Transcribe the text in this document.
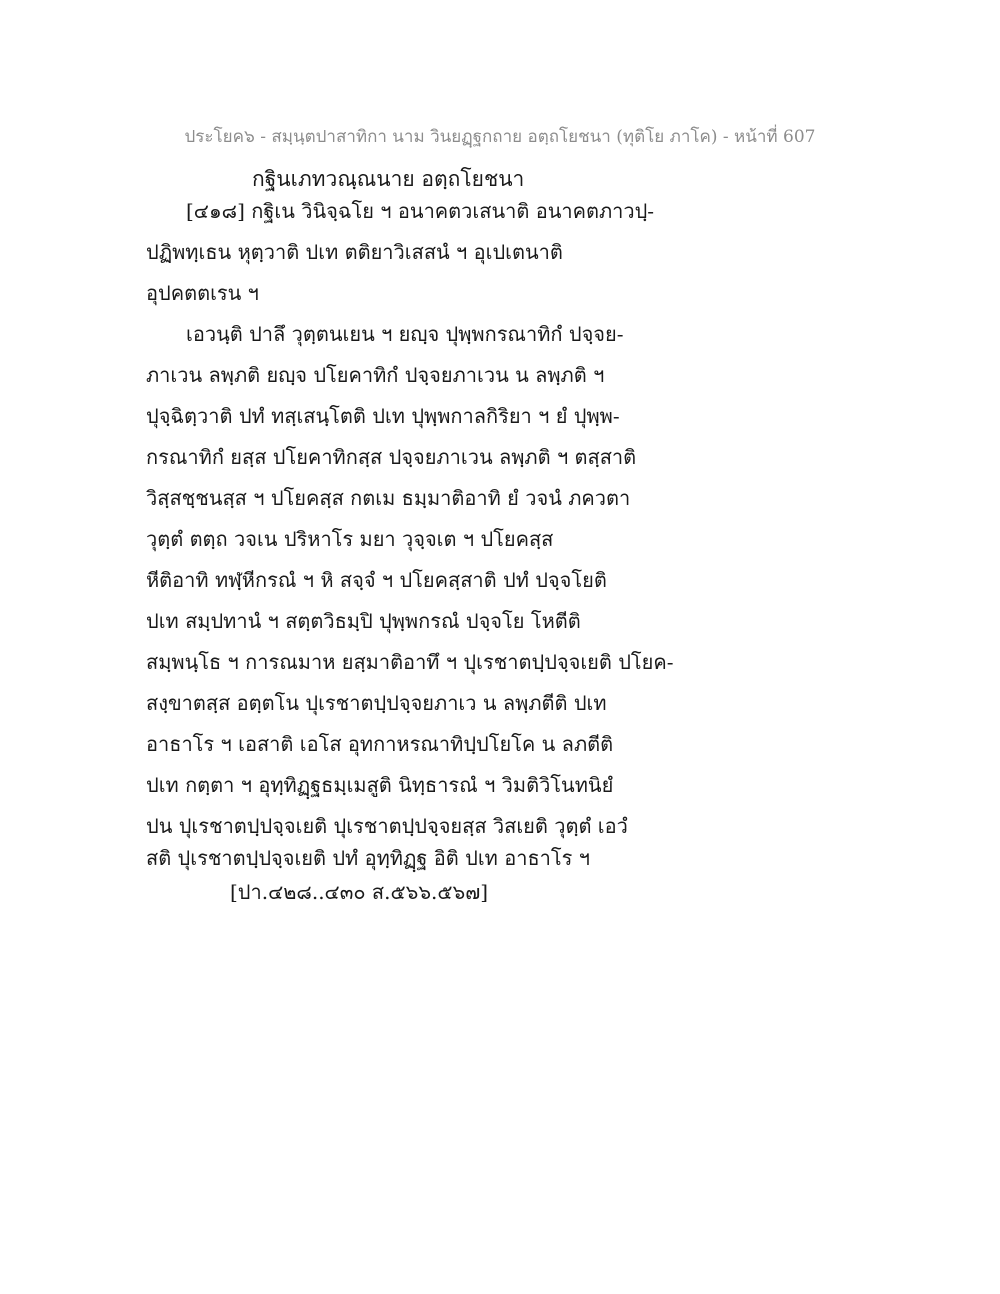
ประโยค๖ - สมฺนฺตปาสาทิกา นาม วินยฏฺฐกถาย อตฺถโยชนา (ทุติโย ภาโค) - หน้าที่ 607
กฐินเภทวณฺณนาย อตฺถโยชนา
[๔๑๘] กฐิเน วินิจฺฉโย ฯ อนาคตวเสนาติ อนาคตภาวปฺ-
ปฏิพทฺเธน หุตฺวาติ ปเท ตติยาวิเสสนํ ฯ อุเปเตนาติ
อุปคตตเรน ฯ
เอวนฺติ ปาลึ วุตฺตนเยน ฯ ยญฺจ ปุพฺพกรณาทิกํ ปจฺจย-
ภาเวน ลพฺภติ ยญฺจ ปโยคาทิกํ ปจฺจยภาเวน น ลพฺภติ ฯ
ปุจฺฉิตฺวาติ ปทํ ทสฺเสนฺโตติ ปเท ปุพฺพกาลกิริยา ฯ ยํ ปุพฺพ-
กรณาทิกํ ยสฺส ปโยคาทิกสฺส ปจฺจยภาเวน ลพฺภติ ฯ ตสฺสาติ
วิสฺสชฺชนสฺส ฯ ปโยคสฺส กตเม ธมฺมาติอาทิ ยํ วจนํ ภควตา
วุตฺตํ ตตฺถ วจเน ปริหาโร มยา วุจฺจเต ฯ ปโยคสฺส
หีติอาทิ ทฬฺหีกรณํ ฯ หิ สจฺจํ ฯ ปโยคสฺสาติ ปทํ ปจฺจโยติ
ปเท สมฺปทานํ ฯ สตฺตวิธมฺปิ ปุพฺพกรณํ ปจฺจโย โหตีติ
สมฺพนฺโธ ฯ การณมาห ยสฺมาติอาทึ ฯ ปุเรชาตปฺปจฺจเยติ ปโยค-
สงฺขาตสฺส อตฺตโน ปุเรชาตปฺปจฺจยภาเว น ลพฺภตีติ ปเท
อาธาโร ฯ เอสาติ เอโส อุทกาหรณาทิปฺปโยโค น ลภตีติ
ปเท กตฺตา ฯ อุทฺทิฏฺฐธมฺเมสูติ นิทฺธารณํ ฯ วิมติวิโนทนิยํ
ปน ปุเรชาตปฺปจฺจเยติ ปุเรชาตปฺปจฺจยสฺส วิสเยติ วุตฺตํ เอวํ
สติ ปุเรชาตปฺปจฺจเยติ ปทํ อุทฺทิฏฺฐ อิติ ปเท อาธาโร ฯ
[ปา.๔๒๘..๔๓๐ ส.๕๖๖.๕๖๗]
